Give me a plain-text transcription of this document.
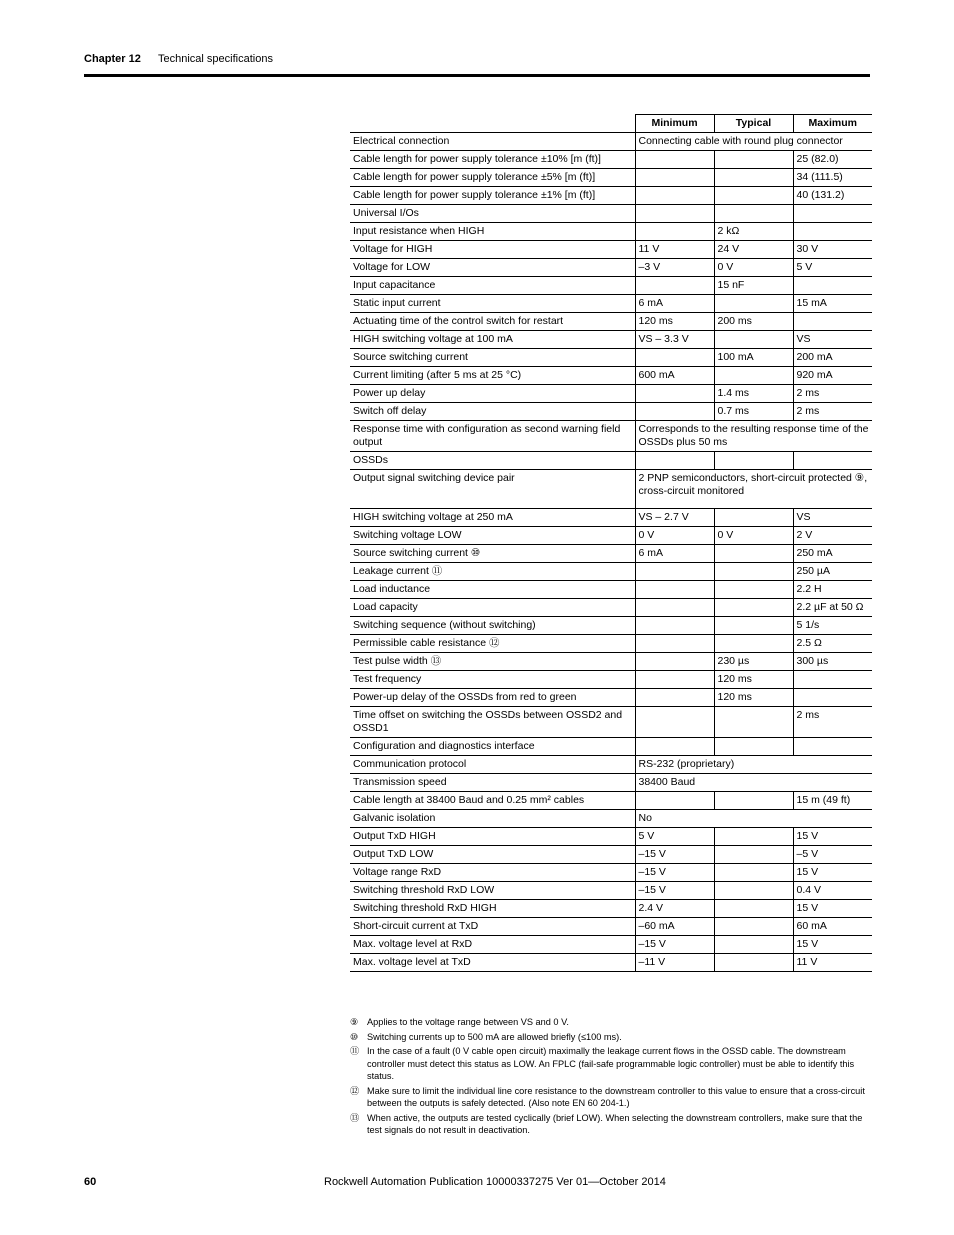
Chapter 12	Technical specifications
	Minimum	Typical	Maximum
Electrical connection	Connecting cable with round plug connector		
Cable length for power supply tolerance ±10% [m (ft)]			25 (82.0)
Cable length for power supply tolerance ±5% [m (ft)]			34 (111.5)
Cable length for power supply tolerance ±1% [m (ft)]			40 (131.2)
Universal I/Os			
Input resistance when HIGH		2 kΩ	
Voltage for HIGH	11 V	24 V	30 V
Voltage for LOW	–3 V	0 V	5 V
Input capacitance		15 nF	
Static input current	6 mA		15 mA
Actuating time of the control switch for restart	120 ms	200 ms	
HIGH switching voltage at 100 mA	VS – 3.3 V		VS
Source switching current		100 mA	200 mA
Current limiting (after 5 ms at 25 °C)	600 mA		920 mA
Power up delay		1.4 ms	2 ms
Switch off delay		0.7 ms	2 ms
Response time with configuration as second warning field output	Corresponds to the resulting response time of the OSSDs plus 50 ms		
OSSDs			
Output signal switching device pair	2 PNP semiconductors, short-circuit protected ⑨, cross-circuit monitored		
HIGH switching voltage at 250 mA	VS – 2.7 V		VS
Switching voltage LOW	0 V	0 V	2 V
Source switching current ⑩	6 mA		250 mA
Leakage current ⑪			250 µA
Load inductance			2.2 H
Load capacity			2.2 µF at 50 Ω
Switching sequence (without switching)			5 1/s
Permissible cable resistance ⑫			2.5 Ω
Test pulse width ⑬		230 µs	300 µs
Test frequency		120 ms	
Power-up delay of the OSSDs from red to green		120 ms	
Time offset on switching the OSSDs between OSSD2 and OSSD1			2 ms
Configuration and diagnostics interface			
Communication protocol	RS-232 (proprietary)		
Transmission speed	38400 Baud		
Cable length at 38400 Baud and 0.25 mm² cables			15 m (49 ft)
Galvanic isolation	No		
Output TxD HIGH	5 V		15 V
Output TxD LOW	–15 V		–5 V
Voltage range RxD	–15 V		15 V
Switching threshold RxD LOW	–15 V		0.4 V
Switching threshold RxD HIGH	2.4 V		15 V
Short-circuit current at TxD	–60 mA		60 mA
Max. voltage level at RxD	–15 V		15 V
Max. voltage level at TxD	–11 V		11 V
⑨ Applies to the voltage range between VS and 0 V.
⑩ Switching currents up to 500 mA are allowed briefly (≤100 ms).
⑪ In the case of a fault (0 V cable open circuit) maximally the leakage current flows in the OSSD cable. The downstream controller must detect this status as LOW. An FPLC (fail-safe programmable logic controller) must be able to identify this status.
⑫ Make sure to limit the individual line core resistance to the downstream controller to this value to ensure that a cross-circuit between the outputs is safely detected. (Also note EN 60 204-1.)
⑬ When active, the outputs are tested cyclically (brief LOW). When selecting the downstream controllers, make sure that the test signals do not result in deactivation.
60	Rockwell Automation Publication 10000337275 Ver 01—October 2014
